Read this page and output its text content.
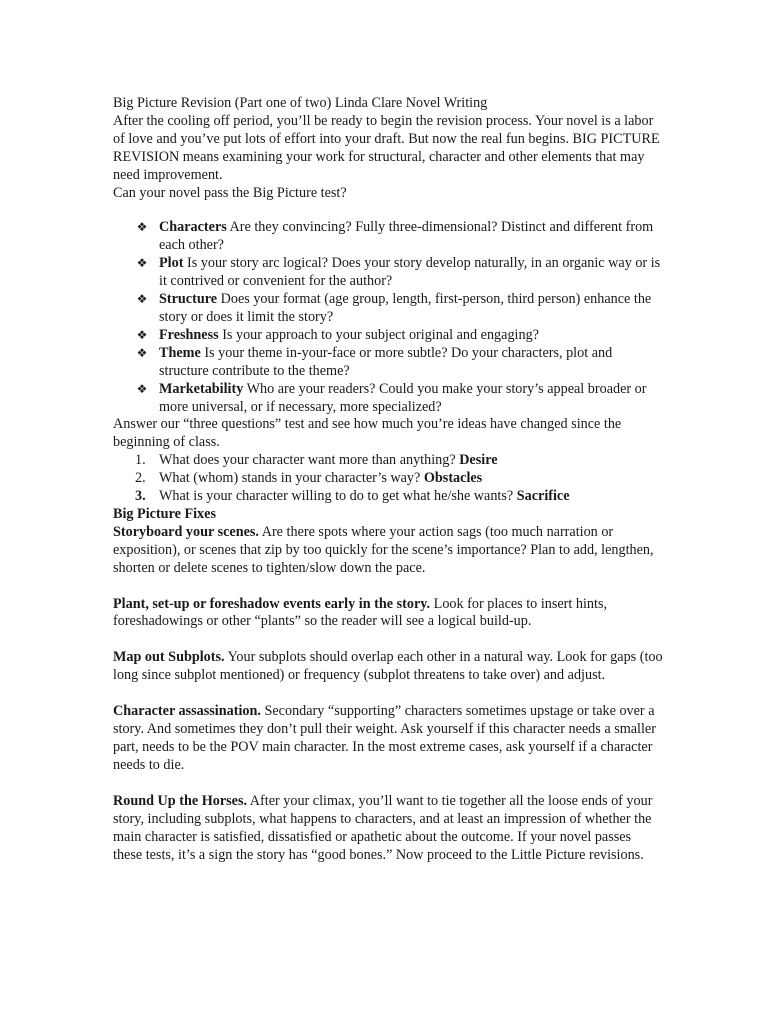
Big Picture Revision (Part one of two) Linda Clare Novel Writing

After the cooling off period, you’ll be ready to begin the revision process. Your novel is a labor of love and you’ve put lots of effort into your draft. But now the real fun begins. BIG PICTURE REVISION means examining your work for structural, character and other elements that may need improvement.

Can your novel pass the Big Picture test?

❖ Characters Are they convincing? Fully three-dimensional? Distinct and different from each other?
❖ Plot Is your story arc logical? Does your story develop naturally, in an organic way or is it contrived or convenient for the author?
❖ Structure Does your format (age group, length, first-person, third person) enhance the story or does it limit the story?
❖ Freshness Is your approach to your subject original and engaging?
❖ Theme Is your theme in-your-face or more subtle? Do your characters, plot and structure contribute to the theme?
❖ Marketability Who are your readers? Could you make your story’s appeal broader or more universal, or if necessary, more specialized?

Answer our “three questions” test and see how much you’re ideas have changed since the beginning of class.

1. What does your character want more than anything? Desire
2. What (whom) stands in your character’s way? Obstacles
3. What is your character willing to do to get what he/she wants? Sacrifice

Big Picture Fixes

Storyboard your scenes. Are there spots where your action sags (too much narration or exposition), or scenes that zip by too quickly for the scene’s importance? Plan to add, lengthen, shorten or delete scenes to tighten/slow down the pace.

Plant, set-up or foreshadow events early in the story. Look for places to insert hints, foreshadowings or other “plants” so the reader will see a logical build-up.

Map out Subplots. Your subplots should overlap each other in a natural way. Look for gaps (too long since subplot mentioned) or frequency (subplot threatens to take over) and adjust.

Character assassination. Secondary “supporting” characters sometimes upstage or take over a story. And sometimes they don’t pull their weight. Ask yourself if this character needs a smaller part, needs to be the POV main character. In the most extreme cases, ask yourself if a character needs to die.

Round Up the Horses. After your climax, you’ll want to tie together all the loose ends of your story, including subplots, what happens to characters, and at least an impression of whether the main character is satisfied, dissatisfied or apathetic about the outcome. If your novel passes these tests, it’s a sign the story has “good bones.” Now proceed to the Little Picture revisions.
